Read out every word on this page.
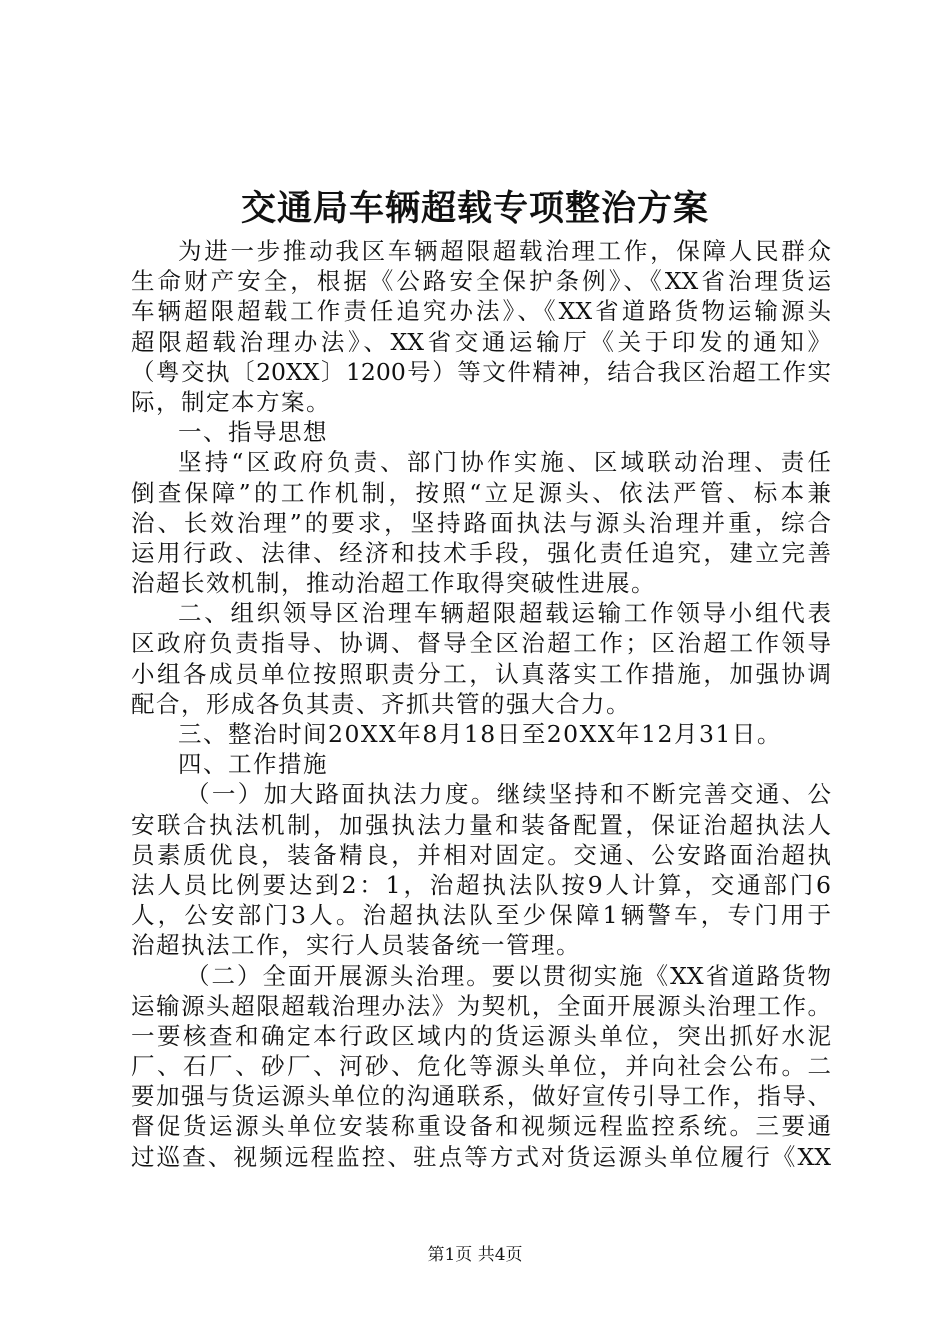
交通局车辆超载专项整治方案
为进一步推动我区车辆超限超载治理工作，保障人民群众
生命财产安全，根据《公路安全保护条例》、《XX省治理货运
车辆超限超载工作责任追究办法》、《XX省道路货物运输源头
超限超载治理办法》、XX省交通运输厅《关于印发的通知》
（粤交执〔20XX〕1200号）等文件精神，结合我区治超工作实
际，制定本方案。
一、指导思想
坚持“区政府负责、部门协作实施、区域联动治理、责任
倒查保障”的工作机制，按照“立足源头、依法严管、标本兼
治、长效治理”的要求，坚持路面执法与源头治理并重，综合
运用行政、法律、经济和技术手段，强化责任追究，建立完善
治超长效机制，推动治超工作取得突破性进展。
二、组织领导区治理车辆超限超载运输工作领导小组代表
区政府负责指导、协调、督导全区治超工作；区治超工作领导
小组各成员单位按照职责分工，认真落实工作措施，加强协调
配合，形成各负其责、齐抓共管的强大合力。
三、整治时间20XX年8月18日至20XX年12月31日。
四、工作措施
（一）加大路面执法力度。继续坚持和不断完善交通、公
安联合执法机制，加强执法力量和装备配置，保证治超执法人
员素质优良，装备精良，并相对固定。交通、公安路面治超执
法人员比例要达到2：1，治超执法队按9人计算，交通部门6
人，公安部门3人。治超执法队至少保障1辆警车，专门用于
治超执法工作，实行人员装备统一管理。
（二）全面开展源头治理。要以贯彻实施《XX省道路货物
运输源头超限超载治理办法》为契机，全面开展源头治理工作。
一要核查和确定本行政区域内的货运源头单位，突出抓好水泥
厂、石厂、砂厂、河砂、危化等源头单位，并向社会公布。二
要加强与货运源头单位的沟通联系，做好宣传引导工作，指导、
督促货运源头单位安装称重设备和视频远程监控系统。三要通
过巡查、视频远程监控、驻点等方式对货运源头单位履行《XX
第1页 共4页
